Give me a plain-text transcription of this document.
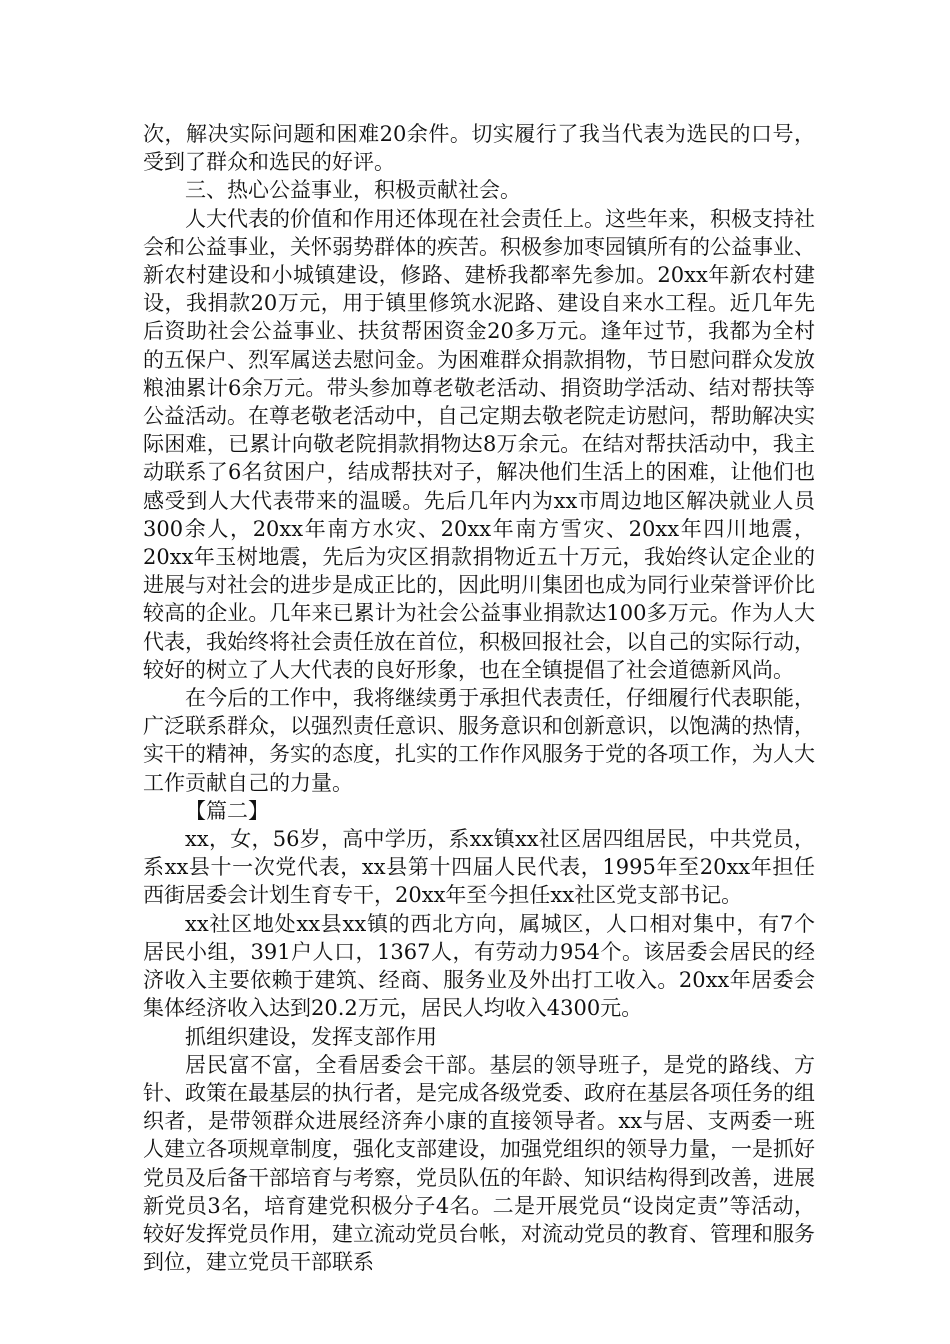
次，解决实际问题和困难20余件。切实履行了我当代表为选民的口号，受到了群众和选民的好评。

三、热心公益事业，积极贡献社会。

人大代表的价值和作用还体现在社会责任上。这些年来，积极支持社会和公益事业，关怀弱势群体的疾苦。积极参加枣园镇所有的公益事业、新农村建设和小城镇建设，修路、建桥我都率先参加。20xx年新农村建设，我捐款20万元，用于镇里修筑水泥路、建设自来水工程。近几年先后资助社会公益事业、扶贫帮困资金20多万元。逢年过节，我都为全村的五保户、烈军属送去慰问金。为困难群众捐款捐物，节日慰问群众发放粮油累计6余万元。带头参加尊老敬老活动、捐资助学活动、结对帮扶等公益活动。在尊老敬老活动中，自己定期去敬老院走访慰问，帮助解决实际困难，已累计向敬老院捐款捐物达8万余元。在结对帮扶活动中，我主动联系了6名贫困户，结成帮扶对子，解决他们生活上的困难，让他们也感受到人大代表带来的温暖。先后几年内为xx市周边地区解决就业人员300余人，20xx年南方水灾、20xx年南方雪灾、20xx年四川地震，20xx年玉树地震，先后为灾区捐款捐物近五十万元，我始终认定企业的进展与对社会的进步是成正比的，因此明川集团也成为同行业荣誉评价比较高的企业。几年来已累计为社会公益事业捐款达100多万元。作为人大代表，我始终将社会责任放在首位，积极回报社会，以自己的实际行动，较好的树立了人大代表的良好形象，也在全镇提倡了社会道德新风尚。

在今后的工作中，我将继续勇于承担代表责任，仔细履行代表职能，广泛联系群众，以强烈责任意识、服务意识和创新意识，以饱满的热情，实干的精神，务实的态度，扎实的工作作风服务于党的各项工作，为人大工作贡献自己的力量。

【篇二】

xx，女，56岁，高中学历，系xx镇xx社区居四组居民，中共党员，系xx县十一次党代表，xx县第十四届人民代表，1995年至20xx年担任西街居委会计划生育专干，20xx年至今担任xx社区党支部书记。

xx社区地处xx县xx镇的西北方向，属城区，人口相对集中，有7个居民小组，391户人口，1367人，有劳动力954个。该居委会居民的经济收入主要依赖于建筑、经商、服务业及外出打工收入。20xx年居委会集体经济收入达到20.2万元，居民人均收入4300元。

抓组织建设，发挥支部作用

居民富不富，全看居委会干部。基层的领导班子，是党的路线、方针、政策在最基层的执行者，是完成各级党委、政府在基层各项任务的组织者，是带领群众进展经济奔小康的直接领导者。xx与居、支两委一班人建立各项规章制度，强化支部建设，加强党组织的领导力量，一是抓好党员及后备干部培育与考察，党员队伍的年龄、知识结构得到改善，进展新党员3名，培育建党积极分子4名。二是开展党员“设岗定责”等活动，较好发挥党员作用，建立流动党员台帐，对流动党员的教育、管理和服务到位，建立党员干部联系
